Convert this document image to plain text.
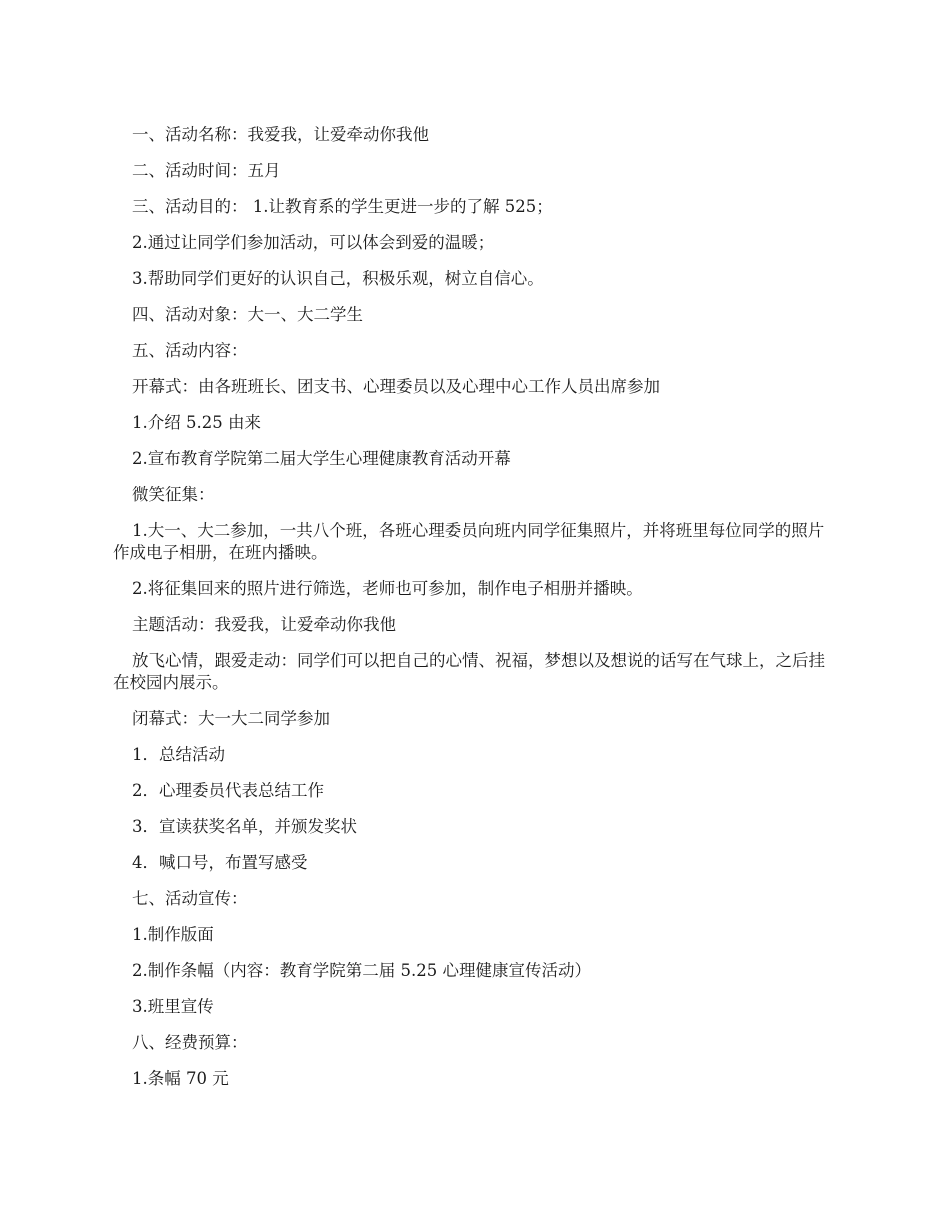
一、活动名称：我爱我，让爱牵动你我他

二、活动时间：五月

三、活动目的： 1.让教育系的学生更进一步的了解 525；

2.通过让同学们参加活动，可以体会到爱的温暖；

3.帮助同学们更好的认识自己，积极乐观，树立自信心。

四、活动对象：大一、大二学生

五、活动内容：

开幕式：由各班班长、团支书、心理委员以及心理中心工作人员出席参加

1.介绍 5.25 由来

2.宣布教育学院第二届大学生心理健康教育活动开幕

微笑征集：

1.大一、大二参加，一共八个班，各班心理委员向班内同学征集照片，并将班里每位同学的照片作成电子相册，在班内播映。

2.将征集回来的照片进行筛选，老师也可参加，制作电子相册并播映。

主题活动：我爱我，让爱牵动你我他

放飞心情，跟爱走动：同学们可以把自己的心情、祝福，梦想以及想说的话写在气球上，之后挂在校园内展示。

闭幕式：大一大二同学参加

1．总结活动

2．心理委员代表总结工作

3．宣读获奖名单，并颁发奖状

4．喊口号，布置写感受

七、活动宣传：

1.制作版面

2.制作条幅（内容：教育学院第二届 5.25 心理健康宣传活动）

3.班里宣传

八、经费预算：

1.条幅 70 元
